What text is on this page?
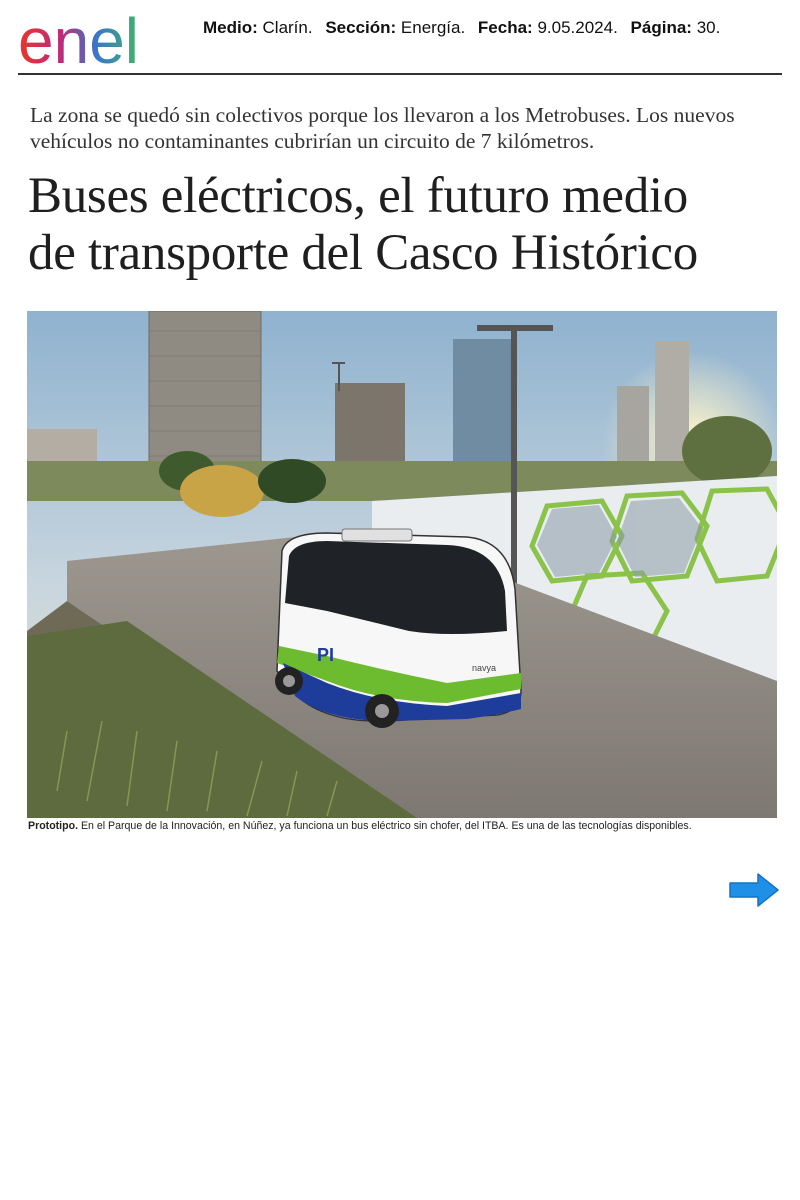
enel	Medio: Clarín. Sección: Energía. Fecha: 9.05.2024. Página: 30.
La zona se quedó sin colectivos porque los llevaron a los Metrobuses. Los nuevos vehículos no contaminantes cubrirían un circuito de 7 kilómetros.
Buses eléctricos, el futuro medio
de transporte del Casco Histórico
PI
navya
Prototipo. En el Parque de la Innovación, en Núñez, ya funciona un bus eléctrico sin chofer, del ITBA. Es una de las tecnologías disponibles.
